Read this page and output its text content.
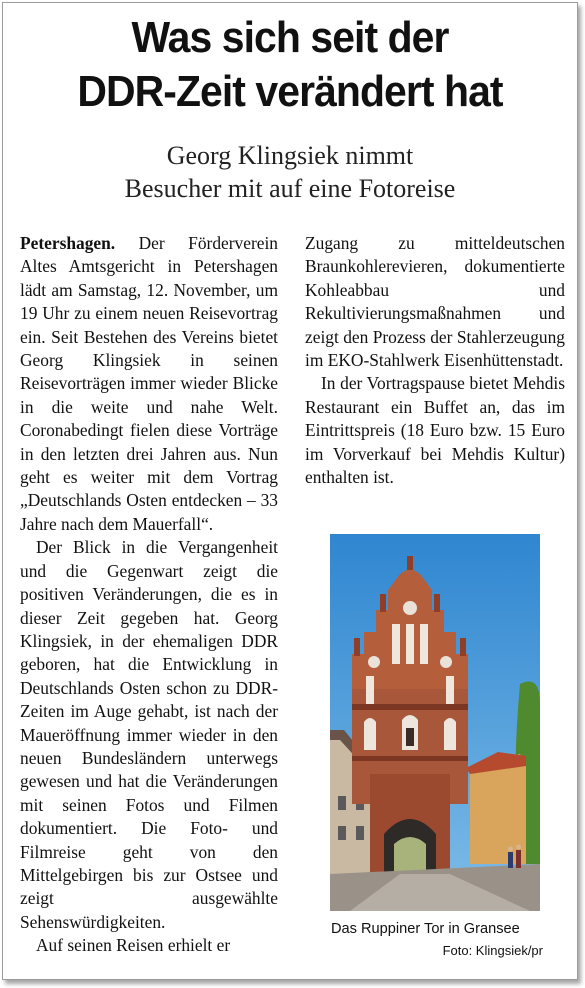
Was sich seit der
DDR-Zeit verändert hat
Georg Klingsiek nimmt
Besucher mit auf eine Fotoreise

Petershagen. Der Förderverein Altes Amtsgericht in Petershagen lädt am Samstag, 12. November, um 19 Uhr zu einem neuen Reisevortrag ein. Seit Bestehen des Vereins bietet Georg Klingsiek in seinen Reisevorträgen immer wieder Blicke in die weite und nahe Welt. Coronabedingt fielen diese Vorträge in den letzten drei Jahren aus. Nun geht es weiter mit dem Vortrag „Deutschlands Osten entdecken – 33 Jahre nach dem Mauerfall“.

Der Blick in die Vergangenheit und die Gegenwart zeigt die positiven Veränderungen, die es in dieser Zeit gegeben hat. Georg Klingsiek, in der ehemaligen DDR geboren, hat die Entwicklung in Deutschlands Osten schon zu DDR-Zeiten im Auge gehabt, ist nach der Maueröffnung immer wieder in den neuen Bundesländern unterwegs gewesen und hat die Veränderungen mit seinen Fotos und Filmen dokumentiert. Die Foto- und Filmreise geht von den Mittelgebirgen bis zur Ostsee und zeigt ausgewählte Sehenswürdigkeiten.

Auf seinen Reisen erhielt er

Zugang zu mitteldeutschen Braunkohlerevieren, dokumentierte Kohleabbau und Rekultivierungsmaßnahmen und zeigt den Prozess der Stahlerzeugung im EKO-Stahlwerk Eisenhüttenstadt.

In der Vortragspause bietet Mehdis Restaurant ein Buffet an, das im Eintrittspreis (18 Euro bzw. 15 Euro im Vorverkauf bei Mehdis Kultur) enthalten ist.

Das Ruppiner Tor in Gransee
Foto: Klingsiek/pr
